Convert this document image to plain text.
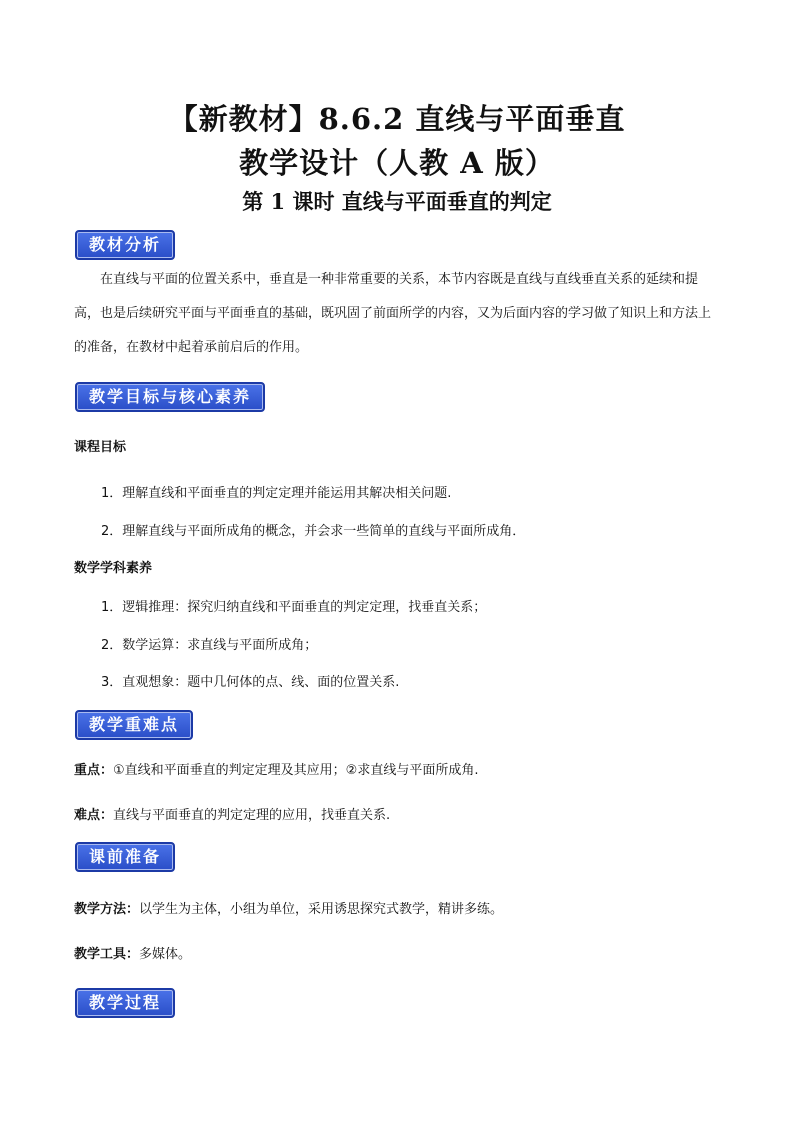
【新教材】8.6.2 直线与平面垂直
教学设计（人教 A 版）
第 1 课时 直线与平面垂直的判定
教材分析
在直线与平面的位置关系中，垂直是一种非常重要的关系，本节内容既是直线与直线垂直关系的延续和提高，也是后续研究平面与平面垂直的基础，既巩固了前面所学的内容，又为后面内容的学习做了知识上和方法上的准备，在教材中起着承前启后的作用。
教学目标与核心素养
课程目标
1．理解直线和平面垂直的判定定理并能运用其解决相关问题.
2．理解直线与平面所成角的概念，并会求一些简单的直线与平面所成角．
数学学科素养
1．逻辑推理：探究归纳直线和平面垂直的判定定理，找垂直关系；
2．数学运算：求直线与平面所成角；
3．直观想象：题中几何体的点、线、面的位置关系.
教学重难点
重点：①直线和平面垂直的判定定理及其应用；②求直线与平面所成角.
难点：直线与平面垂直的判定定理的应用，找垂直关系.
课前准备
教学方法：以学生为主体，小组为单位，采用诱思探究式教学，精讲多练。
教学工具：多媒体。
教学过程
